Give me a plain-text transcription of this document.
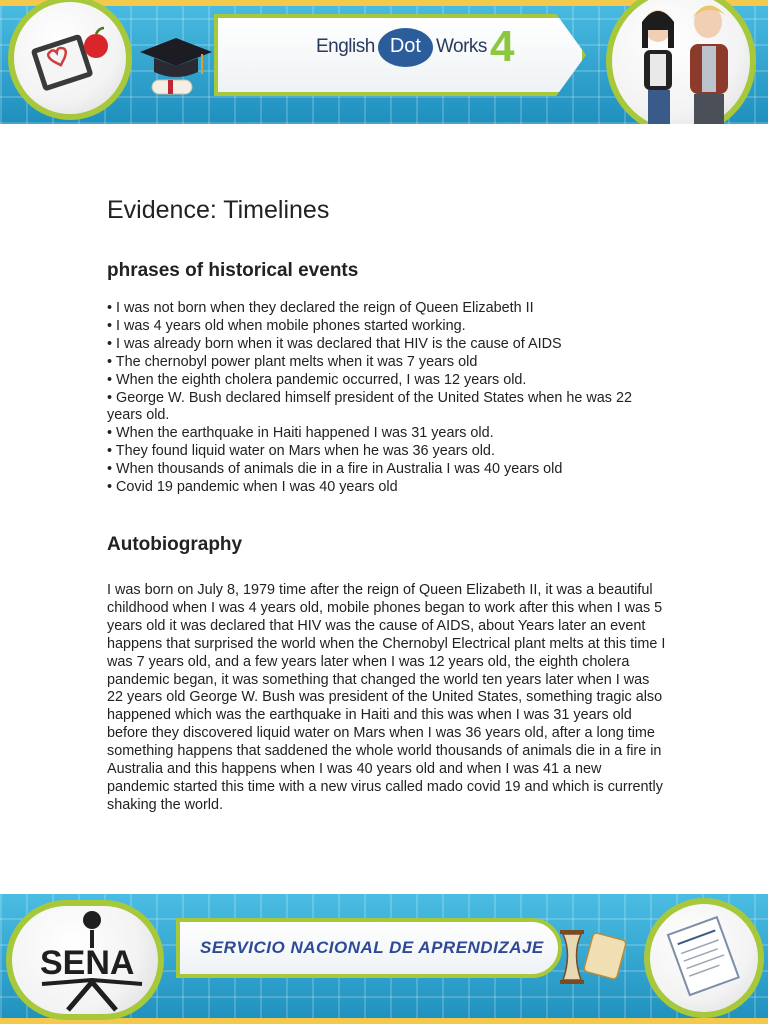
English Dot Works 4
Evidence: Timelines
phrases of historical events
• I was not born when they declared the reign of Queen Elizabeth II
• I was 4 years old when mobile phones started working.
• I was already born when it was declared that HIV is the cause of AIDS
• The chernobyl power plant melts when it was 7 years old
• When the eighth cholera pandemic occurred, I was 12 years old.
• George W. Bush declared himself president of the United States when he was 22 years old.
• When the earthquake in Haiti happened I was 31 years old.
• They found liquid water on Mars when he was 36 years old.
• When thousands of animals die in a fire in Australia I was 40 years old
• Covid 19 pandemic when I was 40 years old
Autobiography

I was born on July 8, 1979 time after the reign of Queen Elizabeth II, it was a beautiful childhood when I was 4 years old, mobile phones began to work after this when I was 5 years old it was declared that HIV was the cause of AIDS, about Years later an event happens that surprised the world when the Chernobyl Electrical plant melts at this time I was 7 years old, and a few years later when I was 12 years old, the eighth cholera pandemic began, it was something that changed the world ten years later when I was 22 years old George W. Bush was president of the United States, something tragic also happened which was the earthquake in Haiti and this was when I was 31 years old before they discovered liquid water on Mars when I was 36 years old, after a long time something happens that saddened the whole world thousands of animals die in a fire in Australia and this happens when I was 40 years old and when I was 41 a new pandemic started this time with a new virus called mado covid 19 and which is currently shaking the world.

SENA	SERVICIO NACIONAL DE APRENDIZAJE
